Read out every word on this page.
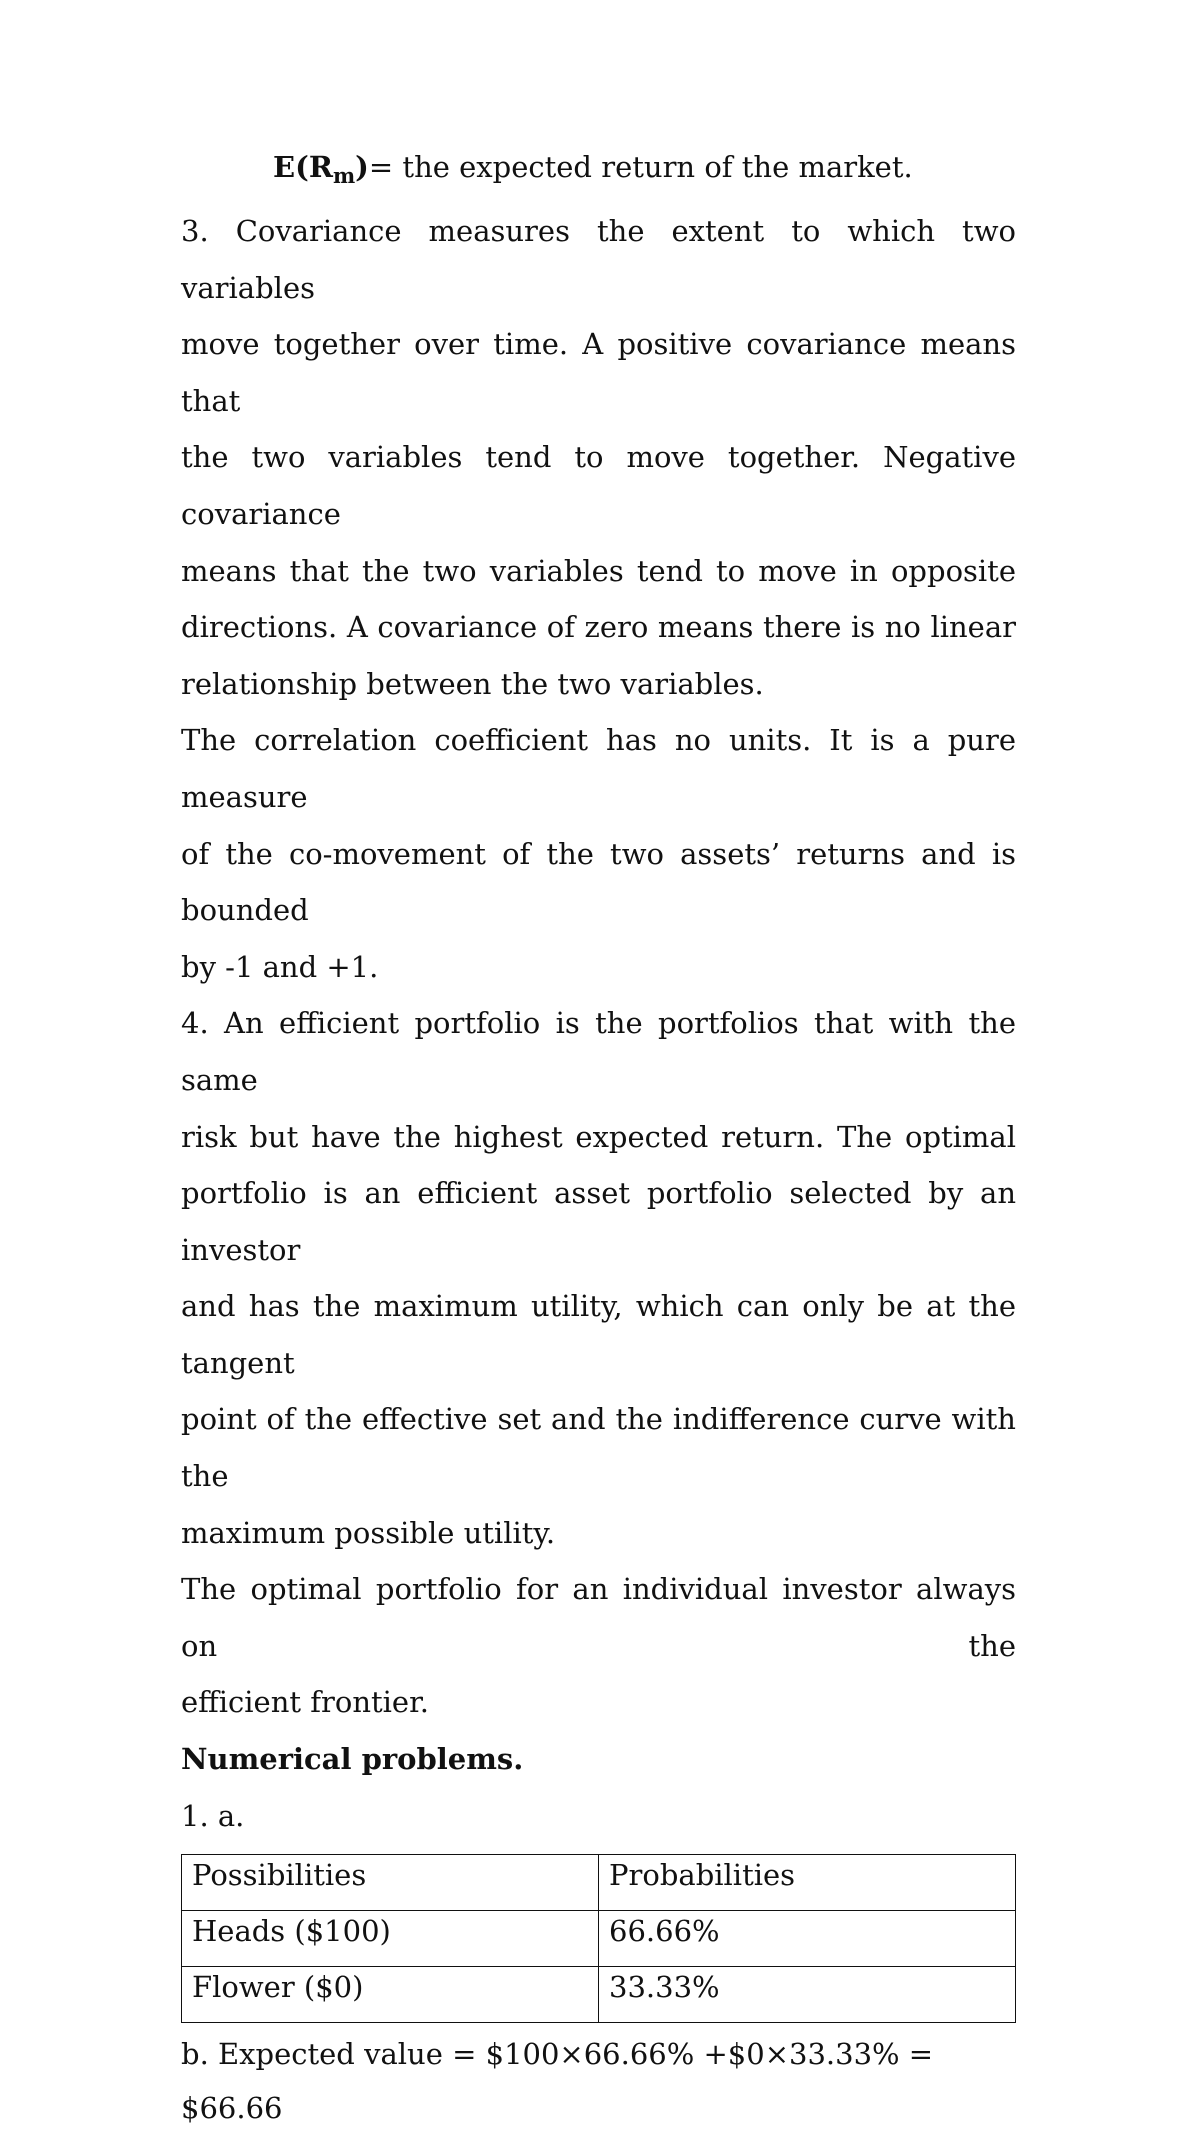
$E(R_m)=$ the expected return of the market.

3. Covariance measures the extent to which two variables

move together over time. A positive covariance means that

the two variables tend to move together. Negative covariance

means that the two variables tend to move in opposite

directions. A covariance of zero means there is no linear

relationship between the two variables.

The correlation coefficient has no units. It is a pure measure

of the co-movement of the two assets’ returns and is bounded

by -1 and +1.

4. An efficient portfolio is the portfolios that with the same

risk but have the highest expected return. The optimal

portfolio is an efficient asset portfolio selected by an investor

and has the maximum utility, which can only be at the tangent

point of the effective set and the indifference curve with the

maximum possible utility.

The optimal portfolio for an individual investor always on the

efficient frontier.

Numerical problems.

1. a.

Possibilities	Probabilities
Heads ($100)	66.66%
Flower ($0)	33.33%

b. Expected value = $100×66.66% +$0×33.33% = $66.66
